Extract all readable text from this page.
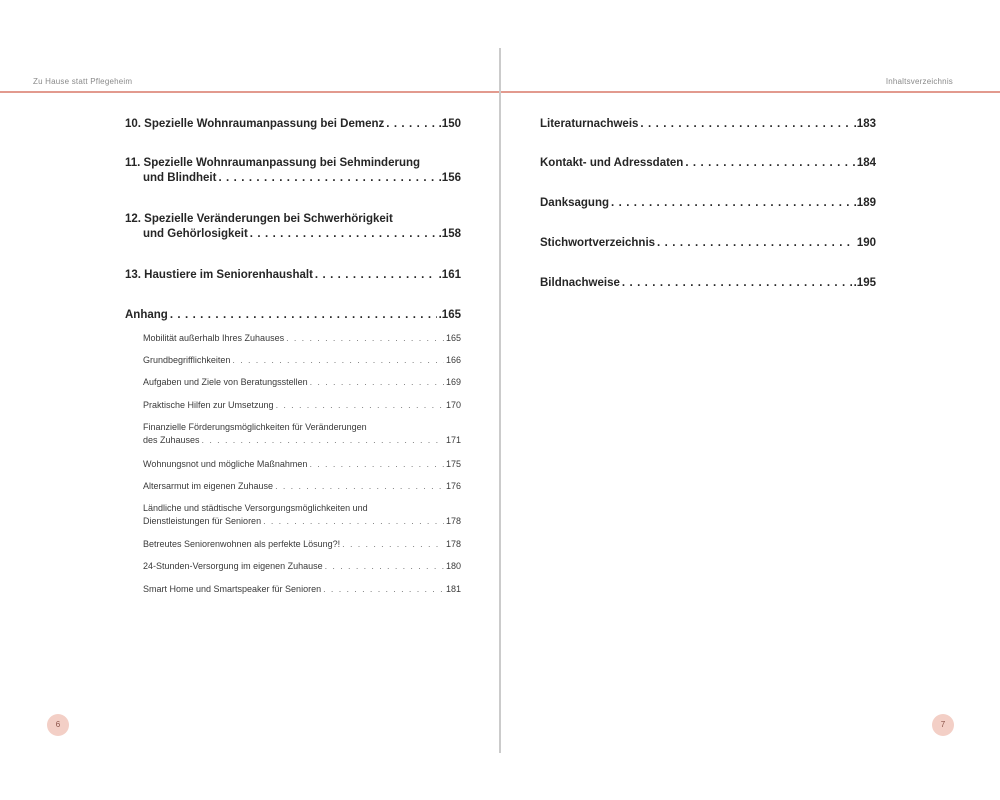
Zu Hause statt Pflegeheim
10. Spezielle Wohnraumanpassung bei Demenz . . .	.150
11. Spezielle Wohnraumanpassung bei Sehminderung
und Blindheit . . .	.156
12. Spezielle Veränderungen bei Schwerhörigkeit
und Gehörlosigkeit . . .	.158
13. Haustiere im Seniorenhaushalt . . .	.161
Anhang . . .	.165
Mobilität außerhalb Ihres Zuhauses . . .	165
Grundbegrifflichkeiten . . .	166
Aufgaben und Ziele von Beratungsstellen . . .	169
Praktische Hilfen zur Umsetzung . . .	170
Finanzielle Förderungsmöglichkeiten für Veränderungen
des Zuhauses . . .	171
Wohnungsnot und mögliche Maßnahmen . . .	175
Altersarmut im eigenen Zuhause . . .	176
Ländliche und städtische Versorgungsmöglichkeiten und
Dienstleistungen für Senioren . . .	178
Betreutes Seniorenwohnen als perfekte Lösung?! . . .	178
24-Stunden-Versorgung im eigenen Zuhause . . .	180
Smart Home und Smartspeaker für Senioren . . .	181
6
Inhaltsverzeichnis
Literaturnachweis . . .	.183
Kontakt- und Adressdaten . . .	184
Danksagung . . .	.189
Stichwortverzeichnis . . .	190
Bildnachweise . . .	.195
7
